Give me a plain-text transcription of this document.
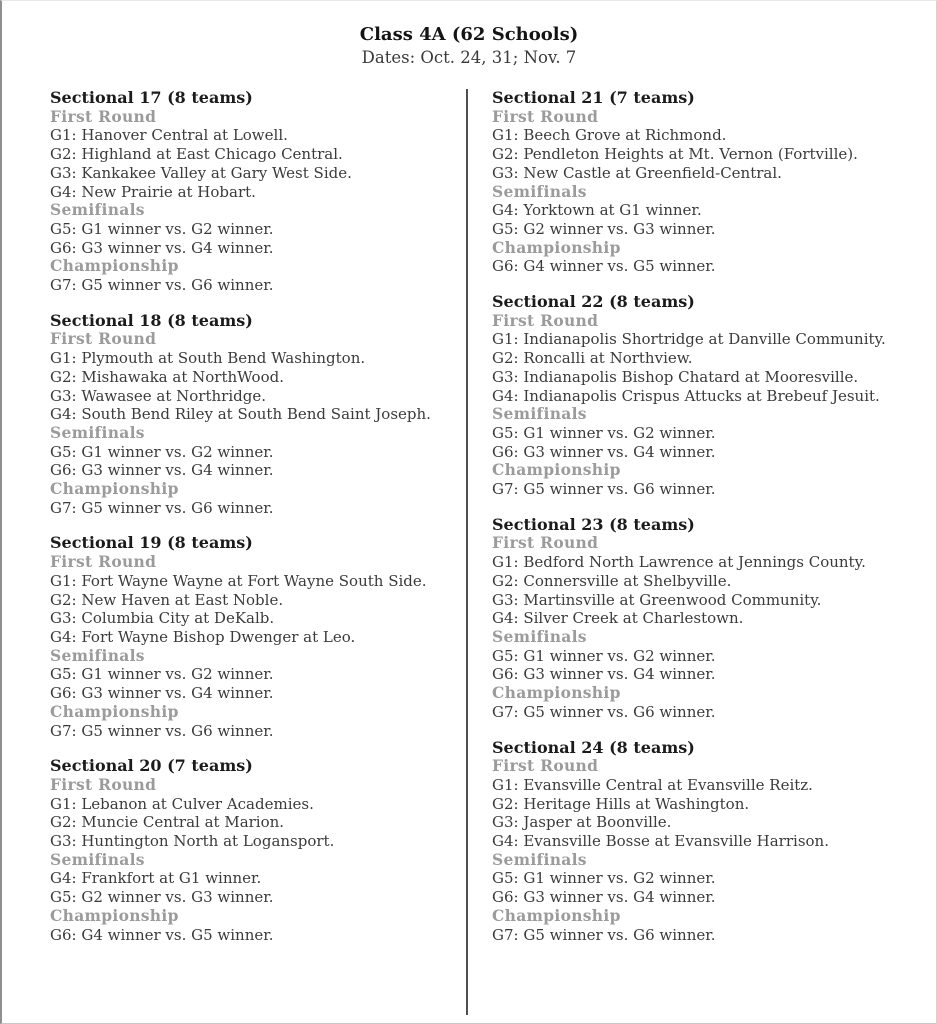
Class 4A (62 Schools)
Dates: Oct. 24, 31; Nov. 7
Sectional 17 (8 teams)
First Round
G1: Hanover Central at Lowell.
G2: Highland at East Chicago Central.
G3: Kankakee Valley at Gary West Side.
G4: New Prairie at Hobart.
Semifinals
G5: G1 winner vs. G2 winner.
G6: G3 winner vs. G4 winner.
Championship
G7: G5 winner vs. G6 winner.
Sectional 18 (8 teams)
First Round
G1: Plymouth at South Bend Washington.
G2: Mishawaka at NorthWood.
G3: Wawasee at Northridge.
G4: South Bend Riley at South Bend Saint Joseph.
Semifinals
G5: G1 winner vs. G2 winner.
G6: G3 winner vs. G4 winner.
Championship
G7: G5 winner vs. G6 winner.
Sectional 19 (8 teams)
First Round
G1: Fort Wayne Wayne at Fort Wayne South Side.
G2: New Haven at East Noble.
G3: Columbia City at DeKalb.
G4: Fort Wayne Bishop Dwenger at Leo.
Semifinals
G5: G1 winner vs. G2 winner.
G6: G3 winner vs. G4 winner.
Championship
G7: G5 winner vs. G6 winner.
Sectional 20 (7 teams)
First Round
G1: Lebanon at Culver Academies.
G2: Muncie Central at Marion.
G3: Huntington North at Logansport.
Semifinals
G4: Frankfort at G1 winner.
G5: G2 winner vs. G3 winner.
Championship
G6: G4 winner vs. G5 winner.
Sectional 21 (7 teams)
First Round
G1: Beech Grove at Richmond.
G2: Pendleton Heights at Mt. Vernon (Fortville).
G3: New Castle at Greenfield-Central.
Semifinals
G4: Yorktown at G1 winner.
G5: G2 winner vs. G3 winner.
Championship
G6: G4 winner vs. G5 winner.
Sectional 22 (8 teams)
First Round
G1: Indianapolis Shortridge at Danville Community.
G2: Roncalli at Northview.
G3: Indianapolis Bishop Chatard at Mooresville.
G4: Indianapolis Crispus Attucks at Brebeuf Jesuit.
Semifinals
G5: G1 winner vs. G2 winner.
G6: G3 winner vs. G4 winner.
Championship
G7: G5 winner vs. G6 winner.
Sectional 23 (8 teams)
First Round
G1: Bedford North Lawrence at Jennings County.
G2: Connersville at Shelbyville.
G3: Martinsville at Greenwood Community.
G4: Silver Creek at Charlestown.
Semifinals
G5: G1 winner vs. G2 winner.
G6: G3 winner vs. G4 winner.
Championship
G7: G5 winner vs. G6 winner.
Sectional 24 (8 teams)
First Round
G1: Evansville Central at Evansville Reitz.
G2: Heritage Hills at Washington.
G3: Jasper at Boonville.
G4: Evansville Bosse at Evansville Harrison.
Semifinals
G5: G1 winner vs. G2 winner.
G6: G3 winner vs. G4 winner.
Championship
G7: G5 winner vs. G6 winner.
